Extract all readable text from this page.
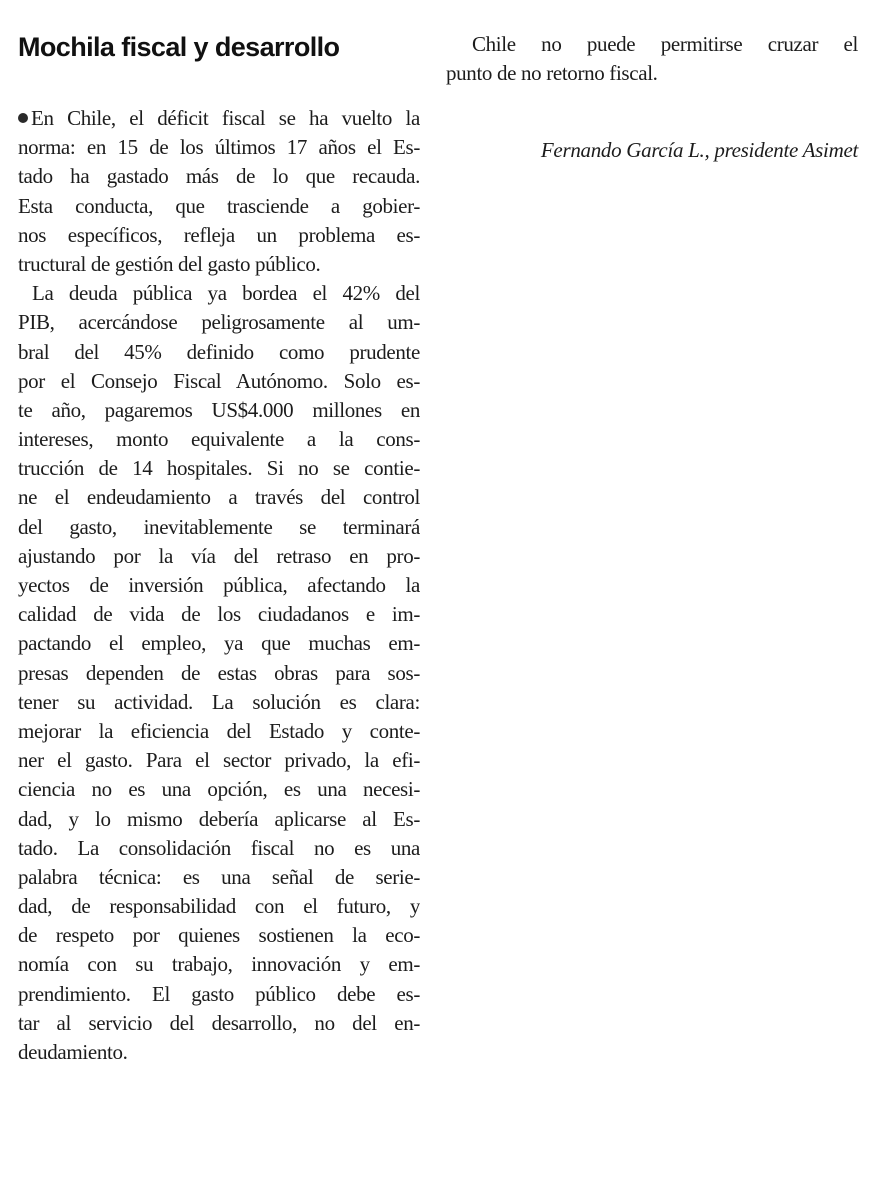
Mochila fiscal y desarrollo
En Chile, el déficit fiscal se ha vuelto la
norma: en 15 de los últimos 17 años el Es-
tado ha gastado más de lo que recauda.
Esta conducta, que trasciende a gobier-
nos específicos, refleja un problema es-
tructural de gestión del gasto público.
La deuda pública ya bordea el 42% del
PIB, acercándose peligrosamente al um-
bral del 45% definido como prudente
por el Consejo Fiscal Autónomo. Solo es-
te año, pagaremos US$4.000 millones en
intereses, monto equivalente a la cons-
trucción de 14 hospitales. Si no se contie-
ne el endeudamiento a través del control
del gasto, inevitablemente se terminará
ajustando por la vía del retraso en pro-
yectos de inversión pública, afectando la
calidad de vida de los ciudadanos e im-
pactando el empleo, ya que muchas em-
presas dependen de estas obras para sos-
tener su actividad. La solución es clara:
mejorar la eficiencia del Estado y conte-
ner el gasto. Para el sector privado, la efi-
ciencia no es una opción, es una necesi-
dad, y lo mismo debería aplicarse al Es-
tado. La consolidación fiscal no es una
palabra técnica: es una señal de serie-
dad, de responsabilidad con el futuro, y
de respeto por quienes sostienen la eco-
nomía con su trabajo, innovación y em-
prendimiento. El gasto público debe es-
tar al servicio del desarrollo, no del en-
deudamiento.
Chile no puede permitirse cruzar el
punto de no retorno fiscal.
Fernando García L., presidente Asimet
